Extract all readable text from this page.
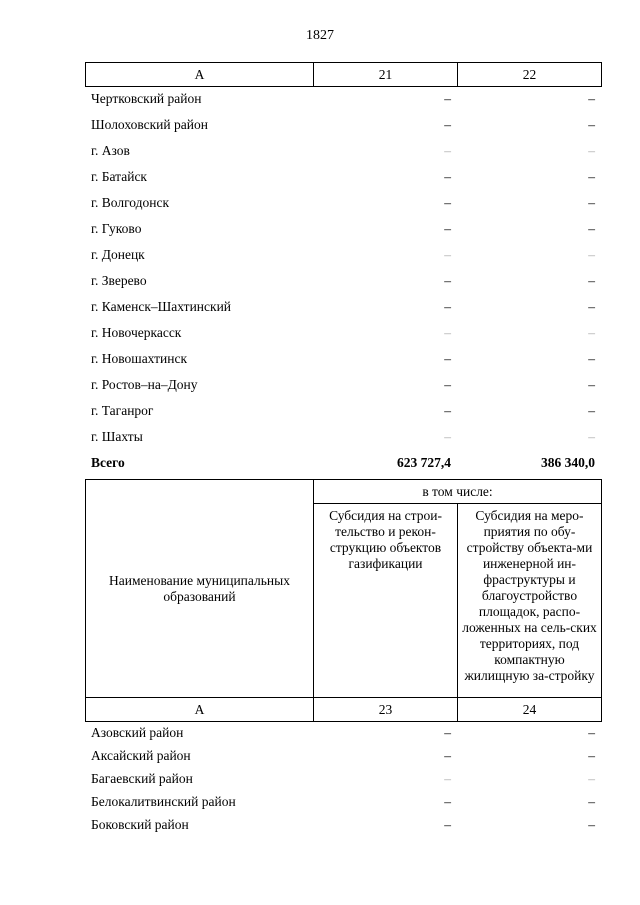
1827
А	21	22
Чертковский район	–	–
Шолоховский район	–	–
г. Азов	–	–
г. Батайск	–	–
г. Волгодонск	–	–
г. Гуково	–	–
г. Донецк	–	–
г. Зверево	–	–
г. Каменск–Шахтинский	–	–
г. Новочеркасск	–	–
г. Новошахтинск	–	–
г. Ростов–на–Дону	–	–
г. Таганрог	–	–
г. Шахты	–	–
Всего	623 727,4	386 340,0
Наименование муниципальных образований	в том числе:	
	Субсидия на строи-тельство и рекон-струкцию объектов газификации	Субсидия на меро-приятия по обу-стройству объекта-ми инженерной ин-фраструктуры и благоустройство площадок, распо-ложенных на сель-ских территориях, под компактную жилищную за-стройку
А	23	24
Азовский район	–	–
Аксайский район	–	–
Багаевский район	–	–
Белокалитвинский район	–	–
Боковский район	–	–
